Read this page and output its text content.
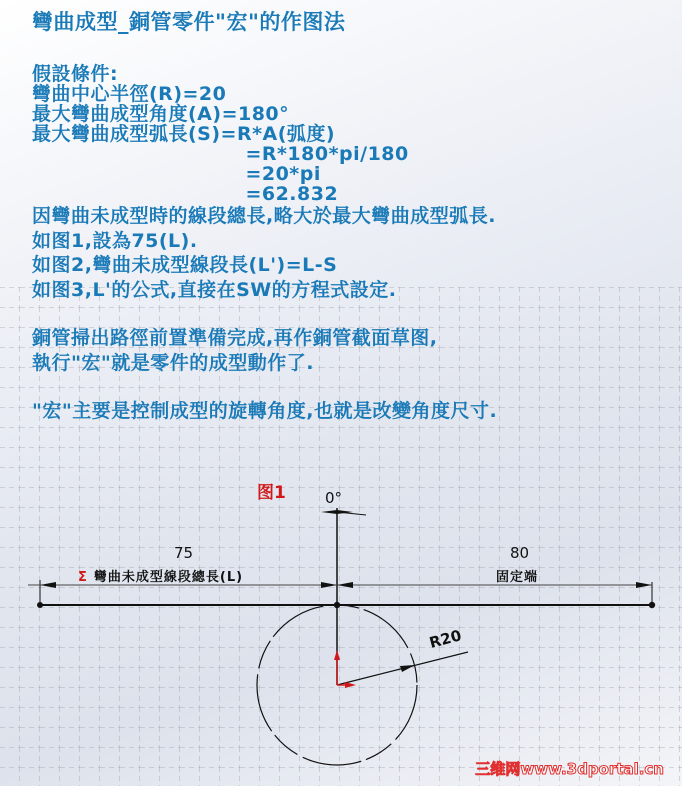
彎曲成型_銅管零件"宏"的作图法
假設條件:
彎曲中心半徑(R)=20
最大彎曲成型角度(A)=180°
最大彎曲成型弧長(S)=R*A(弧度)
=R*180*pi/180
=20*pi
=62.832
因彎曲未成型時的線段總長,略大於最大彎曲成型弧長.
如图1,設為75(L).
如图2,彎曲未成型線段長(L')=L-S
如图3,L'的公式,直接在SW的方程式設定.
銅管掃出路徑前置準備完成,再作銅管截面草图,
執行"宏"就是零件的成型動作了.
"宏"主要是控制成型的旋轉角度,也就是改變角度尺寸.
图1	0°
75
Σ 彎曲未成型線段總長(L)
80
固定端
R20
三维网www.3dportal.cn
